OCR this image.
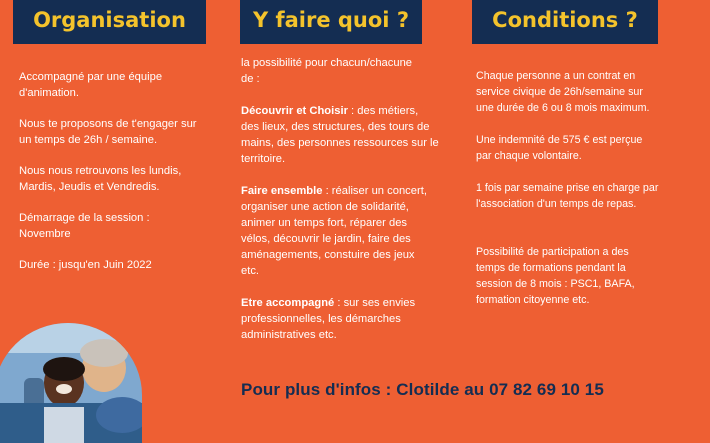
Organisation	Y faire quoi ?	Conditions ?

Accompagné par une équipe

d'animation.

Nous te proposons de t'engager sur

un temps de 26h / semaine.

Nous nous retrouvons les lundis,

Mardis, Jeudis et Vendredis.

Démarrage de la session :

Novembre

Durée : jusqu'en Juin 2022

la possibilité pour chacun/chacune

de :

Découvrir et Choisir : des métiers,

des lieux, des structures, des tours de

mains, des personnes ressources sur le

territoire.

Faire ensemble : réaliser un concert,

organiser une action de solidarité,

animer un temps fort, réparer des

vélos, découvrir le jardin, faire des

aménagements, constuire des jeux

etc.

Etre accompagné : sur ses envies

professionnelles, les démarches

administratives etc.

Chaque personne a un contrat en

service civique de 26h/semaine sur

une durée de 6 ou 8 mois maximum.

Une indemnité de 575 € est perçue

par chaque volontaire.

1 fois par semaine prise en charge par

l'association d'un temps de repas.

Possibilité de participation a des

temps de formations pendant la

session de 8 mois : PSC1, BAFA,

formation citoyenne etc.

Pour plus d'infos : Clotilde au 07 82 69 10 15
